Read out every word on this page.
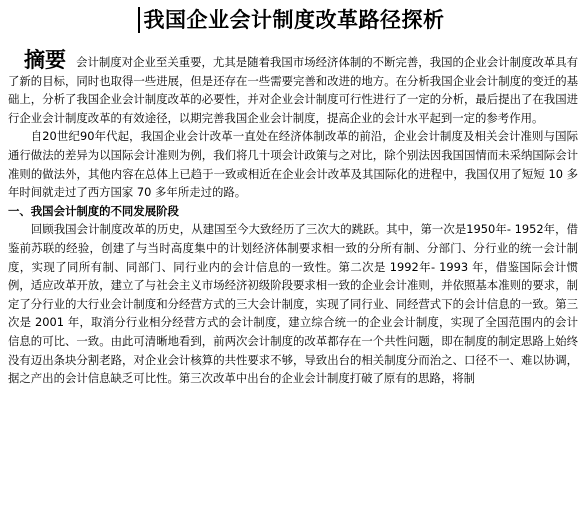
我国企业会计制度改革路径探析

摘要 会计制度对企业至关重要，尤其是随着我国市场经济体制的不断完善，我国的企业会计制度改革具有了新的目标，同时也取得一些进展，但是还存在一些需要完善和改进的地方。在分析我国企业会计制度的变迁的基础上，分析了我国企业会计制度改革的必要性，并对企业会计制度可行性进行了一定的分析，最后提出了在我国进行企业会计制度改革的有效途径，以期完善我国企业会计制度，提高企业的会计水平起到一定的参考作用。

自20世纪90年代起，我国企业会计改革一直处在经济体制改革的前沿，企业会计制度及相关会计准则与国际通行做法的差异为以国际会计准则为例，我们将几十项会计政策与之对比，除个别法因我国国情而未采纳国际会计准则的做法外，其他内容在总体上已趋于一致或相近在企业会计改革及其国际化的进程中，我国仅用了短短 10 多年时间就走过了西方国家 70 多年所走过的路。

一、我国会计制度的不同发展阶段

回顾我国会计制度改革的历史，从建国至今大致经历了三次大的跳跃。其中，第一次是1950年- 1952年，借鉴前苏联的经验，创建了与当时高度集中的计划经济体制要求相一致的分所有制、分部门、分行业的统一会计制度，实现了同所有制、同部门、同行业内的会计信息的一致性。第二次是 1992年- 1993 年，借鉴国际会计惯例，适应改革开放，建立了与社会主义市场经济初级阶段要求相一致的企业会计准则，并依照基本准则的要求，制定了分行业的大行业会计制度和分经营方式的三大会计制度，实现了同行业、同经营式下的会计信息的一致。第三次是 2001 年，取消分行业相分经营方式的会计制度，建立综合统一的企业会计制度，实现了全国范围内的会计信息的可比、一致。由此可清晰地看到，前两次会计制度的改革都存在一个共性问题，即在制度的制定思路上始终没有迈出条块分割老路，对企业会计核算的共性要求不够，导致出台的相关制度分而治之、口径不一、难以协调，据之产出的会计信息缺乏可比性。第三次改革中出台的企业会计制度打破了原有的思路，将制
